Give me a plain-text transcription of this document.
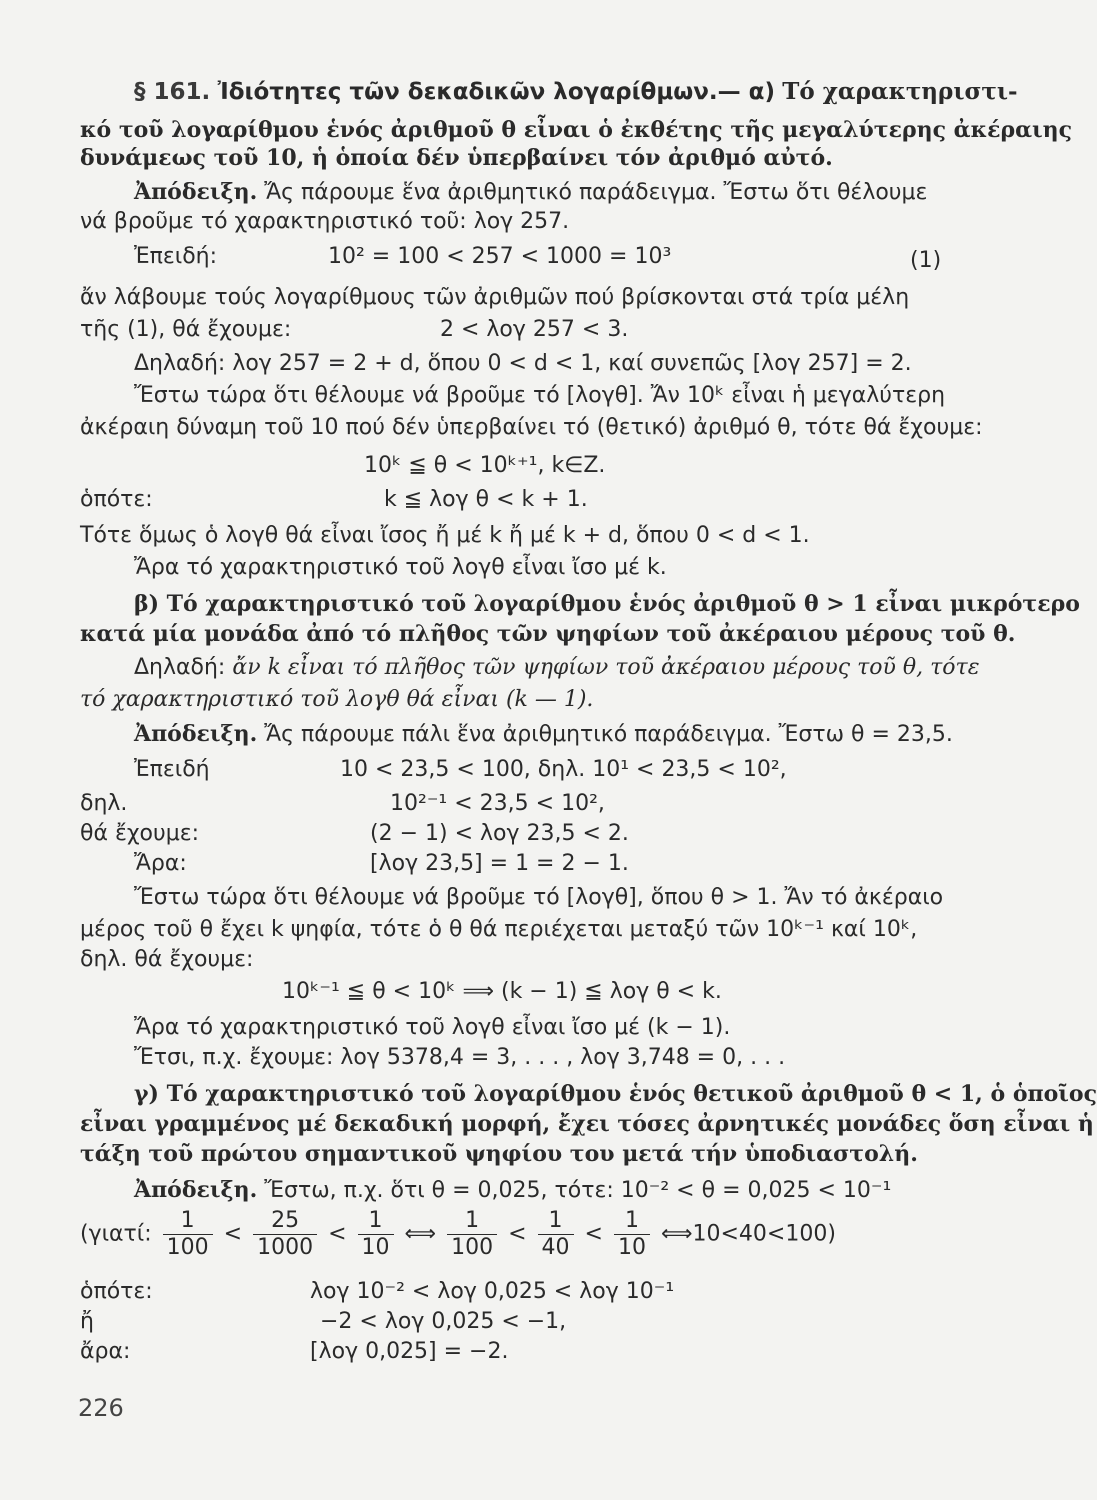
§ 161. Ἰδιότητες τῶν δεκαδικῶν λογαρίθμων.— α) Τό χαρακτηριστι-
κό τοῦ λογαρίθμου ἑνός ἀριθμοῦ θ εἶναι ὁ ἐκθέτης τῆς μεγαλύτερης ἀκέραιης
δυνάμεως τοῦ 10, ἡ ὁποία δέν ὑπερβαίνει τόν ἀριθμό αὐτό.
Ἀπόδειξη. Ἄς πάρουμε ἕνα ἀριθμητικό παράδειγμα. Ἔστω ὅτι θέλουμε
νά βροῦμε τό χαρακτηριστικό τοῦ: λογ 257.
Ἐπειδή:	10² = 100 < 257 < 1000 = 10³	(1)
ἄν λάβουμε τούς λογαρίθμους τῶν ἀριθμῶν πού βρίσκονται στά τρία μέλη
τῆς (1), θά ἔχουμε:	2 < λογ 257 < 3.
Δηλαδή: λογ 257 = 2 + d, ὅπου 0 < d < 1, καί συνεπῶς [λογ 257] = 2.
Ἔστω τώρα ὅτι θέλουμε νά βροῦμε τό [λογθ]. Ἄν 10ᵏ εἶναι ἡ μεγαλύτερη
ἀκέραιη δύναμη τοῦ 10 πού δέν ὑπερβαίνει τό (θετικό) ἀριθμό θ, τότε θά ἔχουμε:
10ᵏ ≦ θ < 10ᵏ⁺¹, k∈Z.
ὁπότε:	k ≦ λογ θ < k + 1.
Τότε ὅμως ὁ λογθ θά εἶναι ἴσος ἤ μέ k ἤ μέ k + d, ὅπου 0 < d < 1.
Ἄρα τό χαρακτηριστικό τοῦ λογθ εἶναι ἴσο μέ k.
β) Τό χαρακτηριστικό τοῦ λογαρίθμου ἑνός ἀριθμοῦ θ > 1 εἶναι μικρότερο
κατά μία μονάδα ἀπό τό πλῆθος τῶν ψηφίων τοῦ ἀκέραιου μέρους τοῦ θ.
Δηλαδή: ἄν k εἶναι τό πλῆθος τῶν ψηφίων τοῦ ἀκέραιου μέρους τοῦ θ, τότε
τό χαρακτηριστικό τοῦ λογθ θά εἶναι (k — 1).
Ἀπόδειξη. Ἄς πάρουμε πάλι ἕνα ἀριθμητικό παράδειγμα. Ἔστω θ = 23,5.
Ἐπειδή	10 < 23,5 < 100, δηλ. 10¹ < 23,5 < 10²,
δηλ.	10²⁻¹ < 23,5 < 10²,
θά ἔχουμε:	(2 − 1) < λογ 23,5 < 2.
Ἄρα:	[λογ 23,5] = 1 = 2 − 1.
Ἔστω τώρα ὅτι θέλουμε νά βροῦμε τό [λογθ], ὅπου θ > 1. Ἄν τό ἀκέραιο
μέρος τοῦ θ ἔχει k ψηφία, τότε ὁ θ θά περιέχεται μεταξύ τῶν 10ᵏ⁻¹ καί 10ᵏ,
δηλ. θά ἔχουμε:
10ᵏ⁻¹ ≦ θ < 10ᵏ ⟹ (k − 1) ≦ λογ θ < k.
Ἄρα τό χαρακτηριστικό τοῦ λογθ εἶναι ἴσο μέ (k − 1).
Ἔτσι, π.χ. ἔχουμε: λογ 5378,4 = 3, . . . , λογ 3,748 = 0, . . .
γ) Τό χαρακτηριστικό τοῦ λογαρίθμου ἑνός θετικοῦ ἀριθμοῦ θ < 1, ὁ ὁποῖος
εἶναι γραμμένος μέ δεκαδική μορφή, ἔχει τόσες ἀρνητικές μονάδες ὅση εἶναι ἡ
τάξη τοῦ πρώτου σημαντικοῦ ψηφίου του μετά τήν ὑποδιαστολή.
Ἀπόδειξη. Ἔστω, π.χ. ὅτι θ = 0,025, τότε: 10⁻² < θ = 0,025 < 10⁻¹
(γιατί: $\frac{1}{100} < \frac{25}{1000} < \frac{1}{10}$ ⟺ $\frac{1}{100} < \frac{1}{40} < \frac{1}{10}$ ⟺10<40<100)
ὁπότε:	λογ 10⁻² < λογ 0,025 < λογ 10⁻¹
ἤ	−2 < λογ 0,025 < −1,
ἄρα:	[λογ 0,025] = −2.
226
